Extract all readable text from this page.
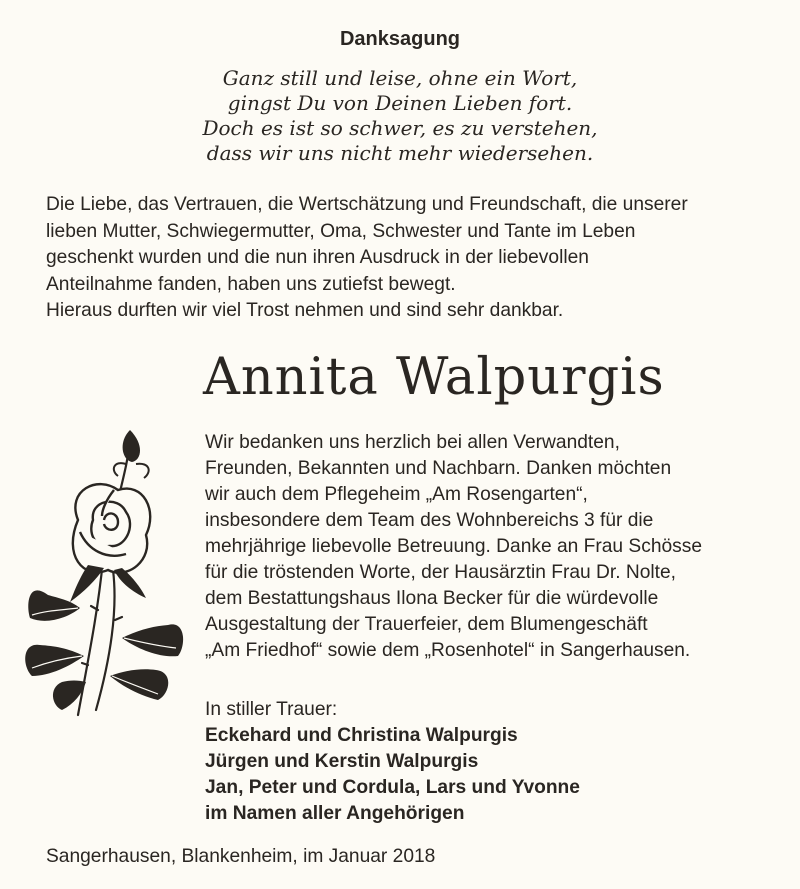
Danksagung
Ganz still und leise, ohne ein Wort,
gingst Du von Deinen Lieben fort.
Doch es ist so schwer, es zu verstehen,
dass wir uns nicht mehr wiedersehen.
Die Liebe, das Vertrauen, die Wertschätzung und Freundschaft, die unserer
lieben Mutter, Schwiegermutter, Oma, Schwester und Tante im Leben
geschenkt wurden und die nun ihren Ausdruck in der liebevollen
Anteilnahme fanden, haben uns zutiefst bewegt.
Hieraus durften wir viel Trost nehmen und sind sehr dankbar.
Annita Walpurgis
Wir bedanken uns herzlich bei allen Verwandten,
Freunden, Bekannten und Nachbarn. Danken möchten
wir auch dem Pflegeheim „Am Rosengarten“,
insbesondere dem Team des Wohnbereichs 3 für die
mehrjährige liebevolle Betreuung. Danke an Frau Schösse
für die tröstenden Worte, der Hausärztin Frau Dr. Nolte,
dem Bestattungshaus Ilona Becker für die würdevolle
Ausgestaltung der Trauerfeier, dem Blumengeschäft
„Am Friedhof“ sowie dem „Rosenhotel“ in Sangerhausen.
In stiller Trauer:
Eckehard und Christina Walpurgis
Jürgen und Kerstin Walpurgis
Jan, Peter und Cordula, Lars und Yvonne
im Namen aller Angehörigen
Sangerhausen, Blankenheim, im Januar 2018
